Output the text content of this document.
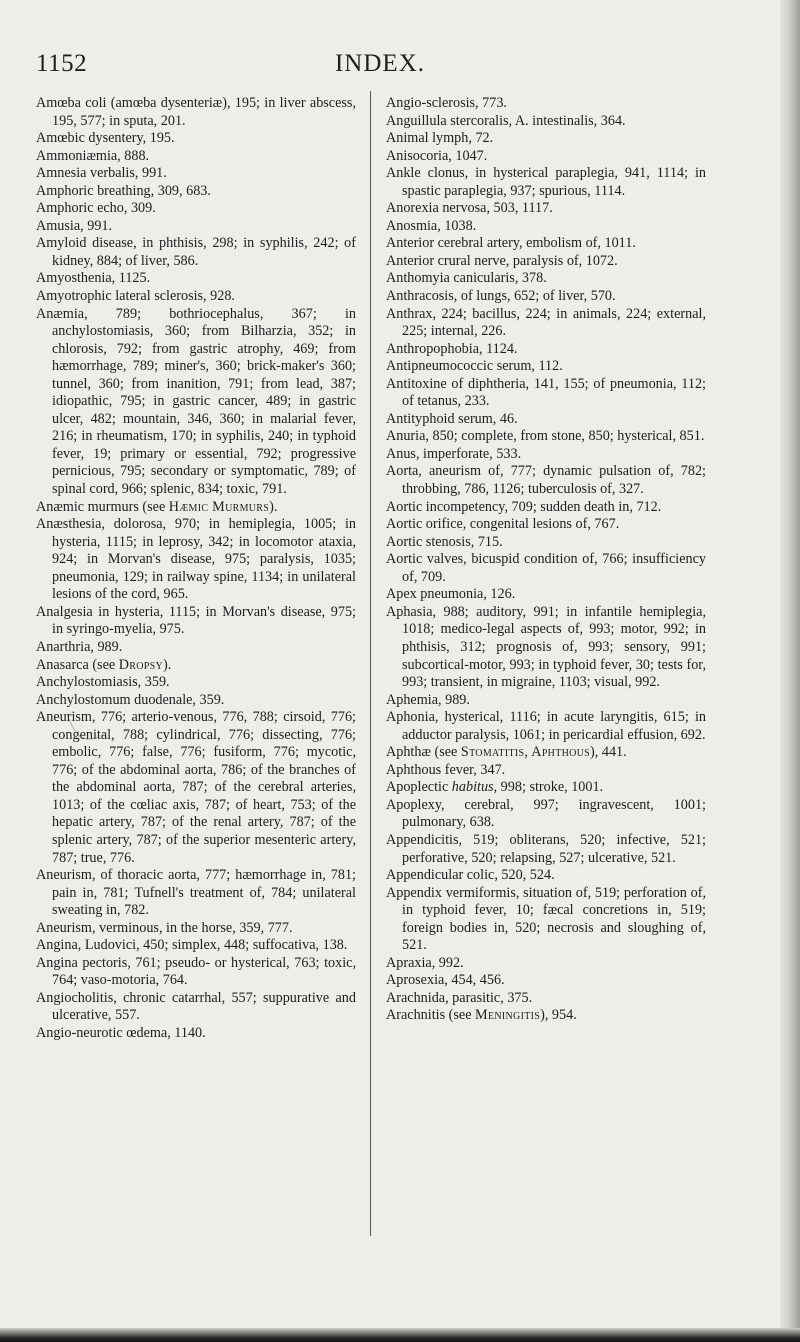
1152	INDEX.

Amœba coli (amœba dysenteriæ), 195; in liver abscess, 195, 577; in sputa, 201.

Amœbic dysentery, 195.

Ammoniæmia, 888.

Amnesia verbalis, 991.

Amphoric breathing, 309, 683.

Amphoric echo, 309.

Amusia, 991.

Amyloid disease, in phthisis, 298; in syphilis, 242; of kidney, 884; of liver, 586.

Amyosthenia, 1125.

Amyotrophic lateral sclerosis, 928.

Anæmia, 789; bothriocephalus, 367; in anchylostomiasis, 360; from Bilharzia, 352; in chlorosis, 792; from gastric atrophy, 469; from hæmorrhage, 789; miner's, 360; brick-maker's 360; tunnel, 360; from inanition, 791; from lead, 387; idiopathic, 795; in gastric cancer, 489; in gastric ulcer, 482; mountain, 346, 360; in malarial fever, 216; in rheumatism, 170; in syphilis, 240; in typhoid fever, 19; primary or essential, 792; progressive pernicious, 795; secondary or symptomatic, 789; of spinal cord, 966; splenic, 834; toxic, 791.

Anæmic murmurs (see Hæmic Murmurs).

Anæsthesia, dolorosa, 970; in hemiplegia, 1005; in hysteria, 1115; in leprosy, 342; in locomotor ataxia, 924; in Morvan's disease, 975; paralysis, 1035; pneumonia, 129; in railway spine, 1134; in unilateral lesions of the cord, 965.

Analgesia in hysteria, 1115; in Morvan's disease, 975; in syringo-myelia, 975.

Anarthria, 989.

Anasarca (see Dropsy).

Anchylostomiasis, 359.

Anchylostomum duodenale, 359.

Aneurism, 776; arterio-venous, 776, 788; cirsoid, 776; congenital, 788; cylindrical, 776; dissecting, 776; embolic, 776; false, 776; fusiform, 776; mycotic, 776; of the abdominal aorta, 786; of the branches of the abdominal aorta, 787; of the cerebral arteries, 1013; of the cœliac axis, 787; of heart, 753; of the hepatic artery, 787; of the renal artery, 787; of the splenic artery, 787; of the superior mesenteric artery, 787; true, 776.

Aneurism, of thoracic aorta, 777; hæmorrhage in, 781; pain in, 781; Tufnell's treatment of, 784; unilateral sweating in, 782.

Aneurism, verminous, in the horse, 359, 777.

Angina, Ludovici, 450; simplex, 448; suffocativa, 138.

Angina pectoris, 761; pseudo- or hysterical, 763; toxic, 764; vaso-motoria, 764.

Angiocholitis, chronic catarrhal, 557; suppurative and ulcerative, 557.

Angio-neurotic œdema, 1140.

Angio-sclerosis, 773.

Anguillula stercoralis, A. intestinalis, 364.

Animal lymph, 72.

Anisocoria, 1047.

Ankle clonus, in hysterical paraplegia, 941, 1114; in spastic paraplegia, 937; spurious, 1114.

Anorexia nervosa, 503, 1117.

Anosmia, 1038.

Anterior cerebral artery, embolism of, 1011.

Anterior crural nerve, paralysis of, 1072.

Anthomyia canicularis, 378.

Anthracosis, of lungs, 652; of liver, 570.

Anthrax, 224; bacillus, 224; in animals, 224; external, 225; internal, 226.

Anthropophobia, 1124.

Antipneumococcic serum, 112.

Antitoxine of diphtheria, 141, 155; of pneumonia, 112; of tetanus, 233.

Antityphoid serum, 46.

Anuria, 850; complete, from stone, 850; hysterical, 851.

Anus, imperforate, 533.

Aorta, aneurism of, 777; dynamic pulsation of, 782; throbbing, 786, 1126; tuberculosis of, 327.

Aortic incompetency, 709; sudden death in, 712.

Aortic orifice, congenital lesions of, 767.

Aortic stenosis, 715.

Aortic valves, bicuspid condition of, 766; insufficiency of, 709.

Apex pneumonia, 126.

Aphasia, 988; auditory, 991; in infantile hemiplegia, 1018; medico-legal aspects of, 993; motor, 992; in phthisis, 312; prognosis of, 993; sensory, 991; subcortical-motor, 993; in typhoid fever, 30; tests for, 993; transient, in migraine, 1103; visual, 992.

Aphemia, 989.

Aphonia, hysterical, 1116; in acute laryngitis, 615; in adductor paralysis, 1061; in pericardial effusion, 692.

Aphthæ (see Stomatitis, Aphthous), 441.

Aphthous fever, 347.

Apoplectic habitus, 998; stroke, 1001.

Apoplexy, cerebral, 997; ingravescent, 1001; pulmonary, 638.

Appendicitis, 519; obliterans, 520; infective, 521; perforative, 520; relapsing, 527; ulcerative, 521.

Appendicular colic, 520, 524.

Appendix vermiformis, situation of, 519; perforation of, in typhoid fever, 10; fæcal concretions in, 519; foreign bodies in, 520; necrosis and sloughing of, 521.

Apraxia, 992.

Aprosexia, 454, 456.

Arachnida, parasitic, 375.

Arachnitis (see Meningitis), 954.
